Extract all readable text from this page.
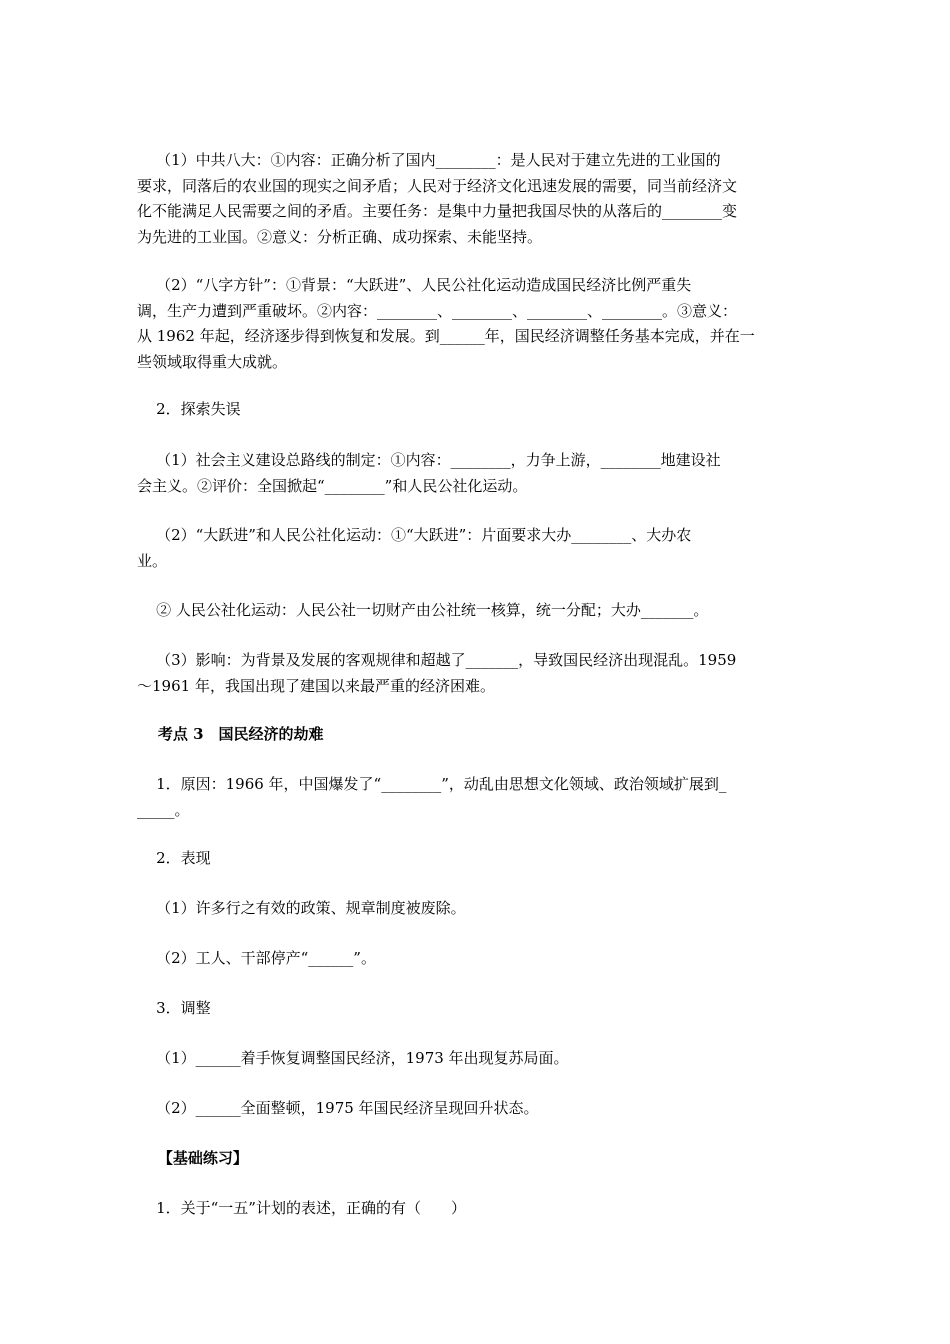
（1）中共八大：①内容：正确分析了国内________：是人民对于建立先进的工业国的
要求，同落后的农业国的现实之间矛盾；人民对于经济文化迅速发展的需要，同当前经济文
化不能满足人民需要之间的矛盾。主要任务：是集中力量把我国尽快的从落后的________变
为先进的工业国。②意义：分析正确、成功探索、未能坚持。
（2）“八字方针”：①背景：“大跃进”、人民公社化运动造成国民经济比例严重失
调，生产力遭到严重破坏。②内容：________、________、________、________。③意义：
从 1962 年起，经济逐步得到恢复和发展。到______年，国民经济调整任务基本完成，并在一
些领域取得重大成就。
2．探索失误
（1）社会主义建设总路线的制定：①内容：________，力争上游，________地建设社
会主义。②评价：全国掀起“________”和人民公社化运动。
（2）“大跃进”和人民公社化运动：①“大跃进”：片面要求大办________、大办农
业。
② 人民公社化运动：人民公社一切财产由公社统一核算，统一分配；大办_______。
（3）影响：为背景及发展的客观规律和超越了_______，导致国民经济出现混乱。1959
～1961 年，我国出现了建国以来最严重的经济困难。
考点 3　国民经济的劫难
1．原因：1966 年，中国爆发了“________”，动乱由思想文化领域、政治领域扩展到_
_____。
2．表现
（1）许多行之有效的政策、规章制度被废除。
（2）工人、干部停产“______”。
3．调整
（1）______着手恢复调整国民经济，1973 年出现复苏局面。
（2）______全面整顿，1975 年国民经济呈现回升状态。
【基础练习】
1．关于“一五”计划的表述，正确的有（　　）
